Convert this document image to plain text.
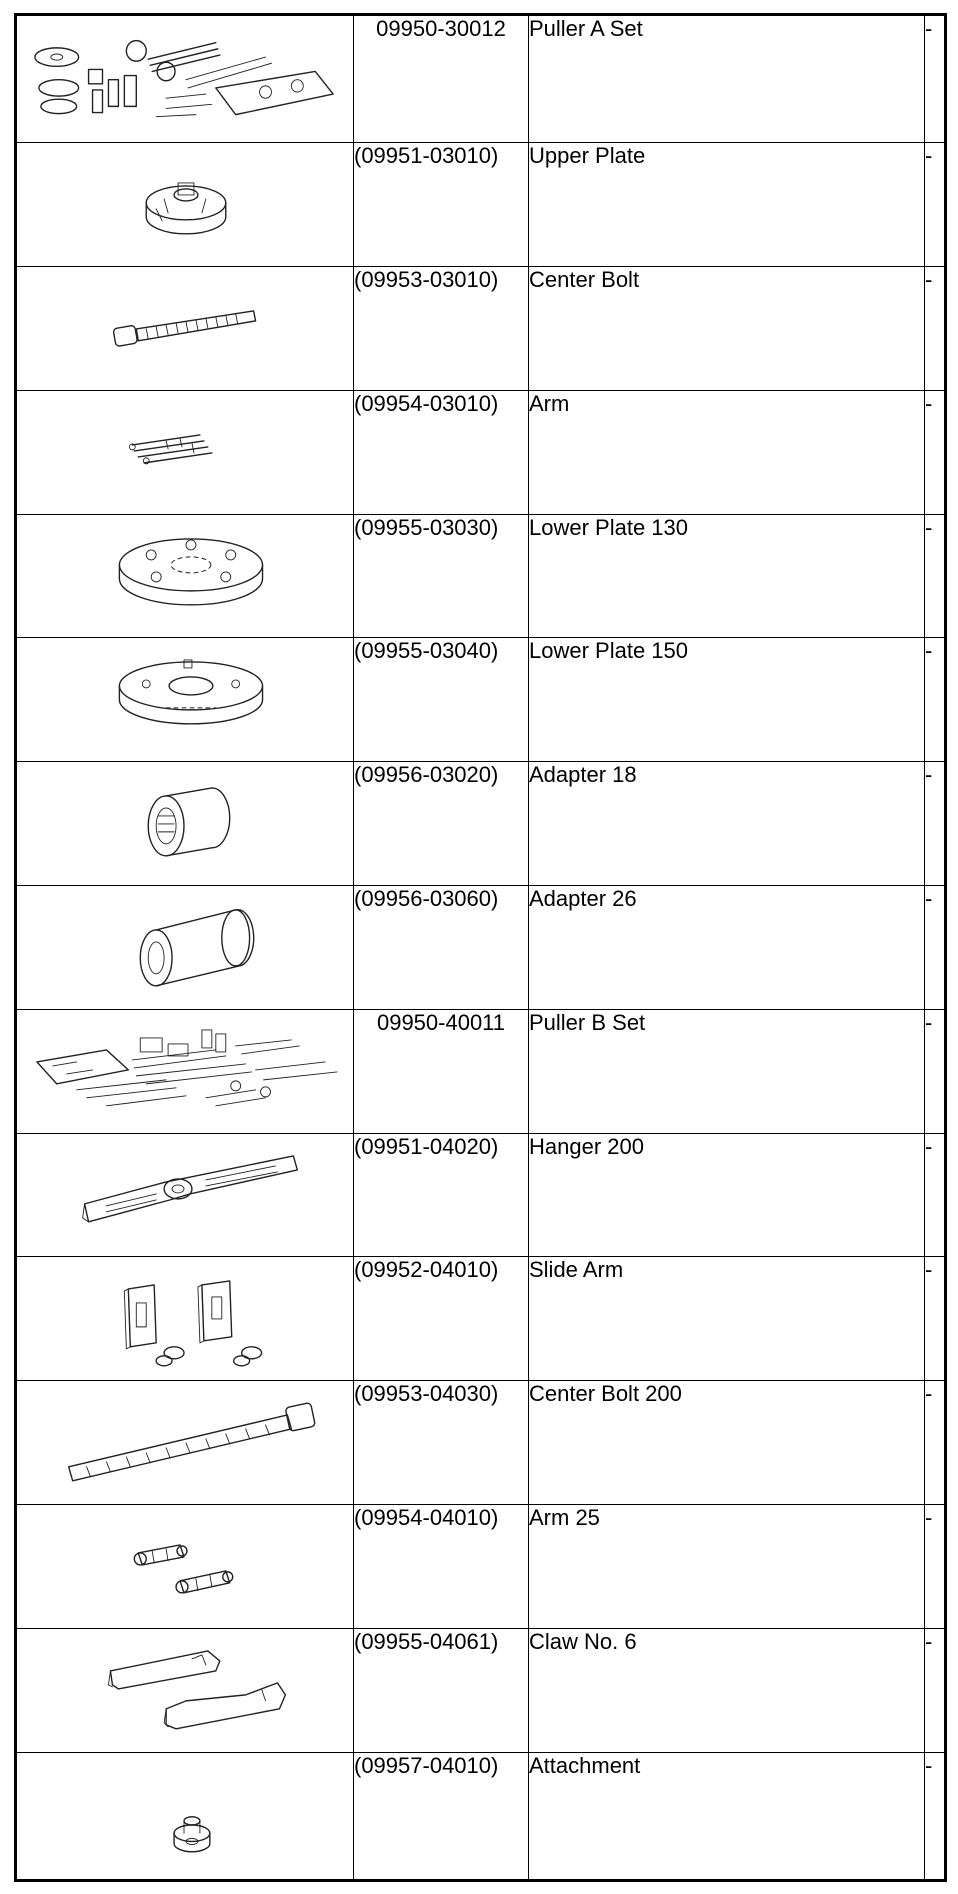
	09950-30012	Puller A Set	-

	(09951-03010)	Upper Plate	-

	(09953-03010)	Center Bolt	-

	(09954-03010)	Arm	-

	(09955-03030)	Lower Plate 130	-

	(09955-03040)	Lower Plate 150	-

	(09956-03020)	Adapter 18	-

	(09956-03060)	Adapter 26	-

	09950-40011	Puller B Set	-

	(09951-04020)	Hanger 200	-

	(09952-04010)	Slide Arm	-

	(09953-04030)	Center Bolt 200	-

	(09954-04010)	Arm 25	-

	(09955-04061)	Claw No. 6	-

	(09957-04010)	Attachment	-
